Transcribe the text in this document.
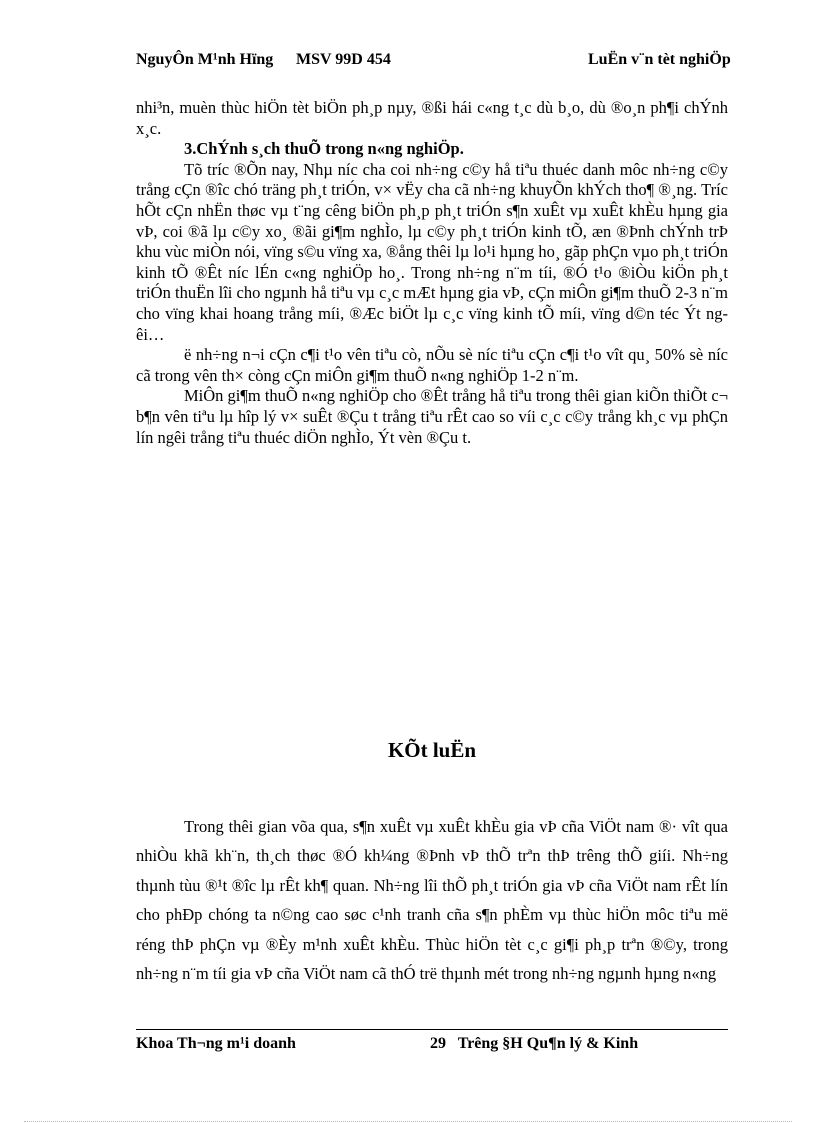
NguyÔn M¹nh Hïng	MSV 99D 454	LuËn v¨n tèt nghiÖp

nhi³n, muèn thùc hiÖn tèt biÖn ph¸p nµy, ®ßi hái c«ng t¸c dù b¸o, dù ®o¸n ph¶i chÝnh x¸c.

3.ChÝnh s¸ch thuÕ trong n«ng nghiÖp.

Tõ tríc ®Õn nay, Nhµ níc cha coi nh÷ng c©y hå tiªu thuéc danh môc nh÷ng c©y trång cÇn ®îc chó träng ph¸t triÓn, v× vËy cha cã nh÷ng khuyÕn khÝch tho¶ ®¸ng. Tríc hÕt cÇn nhËn thøc vµ t¨ng cêng biÖn ph¸p ph¸t triÓn s¶n xuÊt vµ xuÊt khÈu hµng gia vÞ, coi ®ã lµ c©y xo¸ ®ãi gi¶m nghÌo, lµ c©y ph¸t triÓn kinh tÕ, æn ®Þnh chÝnh trÞ khu vùc miÒn nói, vïng s©u vïng xa, ®ång thêi lµ lo¹i hµng ho¸ gãp phÇn vµo ph¸t triÓn kinh tÕ ®Êt níc lÉn c«ng nghiÖp ho¸. Trong nh÷ng n¨m tíi, ®Ó t¹o ®iÒu kiÖn ph¸t triÓn thuËn lîi cho ngµnh hå tiªu vµ c¸c mÆt hµng gia vÞ, cÇn miÔn gi¶m thuÕ 2-3 n¨m cho vïng khai hoang trång míi, ®Æc biÖt lµ c¸c vïng kinh tÕ míi, vïng d©n téc Ýt ngêi…

ë nh÷ng n¬i cÇn c¶i t¹o vên tiªu cò, nÕu sè níc tiªu cÇn c¶i t¹o vît qu¸ 50% sè níc cã trong vên th× còng cÇn miÔn gi¶m thuÕ n«ng nghiÖp 1-2 n¨m.

MiÔn gi¶m thuÕ n«ng nghiÖp cho ®Êt trång hå tiªu trong thêi gian kiÕn thiÕt c¬ b¶n vên tiªu lµ hîp lý v× suÊt ®Çu t trång tiªu rÊt cao so víi c¸c c©y trång kh¸c vµ phÇn lín ngêi trång tiªu thuéc diÖn nghÌo, Ýt vèn ®Çu t.

KÕt luËn

Trong thêi gian võa qua, s¶n xuÊt vµ xuÊt khÈu gia vÞ cña ViÖt nam ®· vît qua nhiÒu khã kh¨n, th¸ch thøc ®Ó kh¼ng ®Þnh vÞ thÕ trªn thÞ trêng thÕ giíi. Nh÷ng thµnh tùu ®¹t ®îc lµ rÊt kh¶ quan. Nh÷ng lîi thÕ ph¸t triÓn gia vÞ cña ViÖt nam rÊt lín cho phÐp chóng ta n©ng cao søc c¹nh tranh cña s¶n phÈm vµ thùc hiÖn môc tiªu më réng thÞ phÇn vµ ®Èy m¹nh xuÊt khÈu. Thùc hiÖn tèt c¸c gi¶i ph¸p trªn ®©y, trong nh÷ng n¨m tíi gia vÞ cña ViÖt nam cã thÓ trë thµnh mét trong nh÷ng ngµnh hµng n«ng

Khoa Th¬ng m¹i doanh	29 Trêng §H Qu¶n lý & Kinh
